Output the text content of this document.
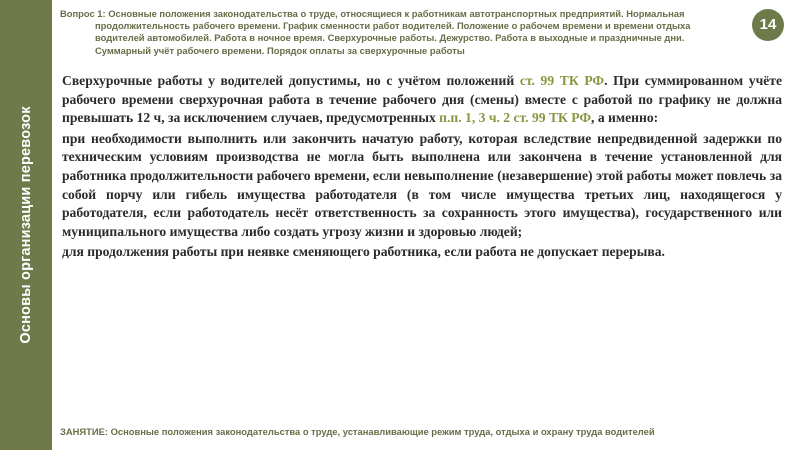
Основы организации перевозок
Вопрос 1: Основные положения законодательства о труде, относящиеся к работникам автотранспортных предприятий. Нормальная
продолжительность рабочего времени. График сменности работ водителей. Положение о рабочем времени и времени отдыха водителей автомобилей. Работа в ночное время. Сверхурочные работы. Дежурство. Работа в выходные и праздничные дни. Суммарный учёт рабочего времени. Порядок оплаты за сверхурочные работы
14

Сверхурочные работы у водителей допустимы, но с учётом положений ст. 99 ТК РФ. При суммированном учёте рабочего времени сверхурочная работа в течение рабочего дня (смены) вместе с работой по графику не должна превышать 12 ч, за исключением случаев, предусмотренных п.п. 1, 3 ч. 2 ст. 99 ТК РФ, а именно:

при необходимости выполнить или закончить начатую работу, которая вследствие непредвиденной задержки по техническим условиям производства не могла быть выполнена или закончена в течение установленной для работника продолжительности рабочего времени, если невыполнение (незавершение) этой работы может повлечь за собой порчу или гибель имущества работодателя (в том числе имущества третьих лиц, находящегося у работодателя, если работодатель несёт ответственность за сохранность этого имущества), государственного или муниципального имущества либо создать угрозу жизни и здоровью людей;

для продолжения работы при неявке сменяющего работника, если работа не допускает перерыва.

ЗАНЯТИЕ: Основные положения законодательства о труде, устанавливающие режим труда, отдыха и охрану труда водителей
